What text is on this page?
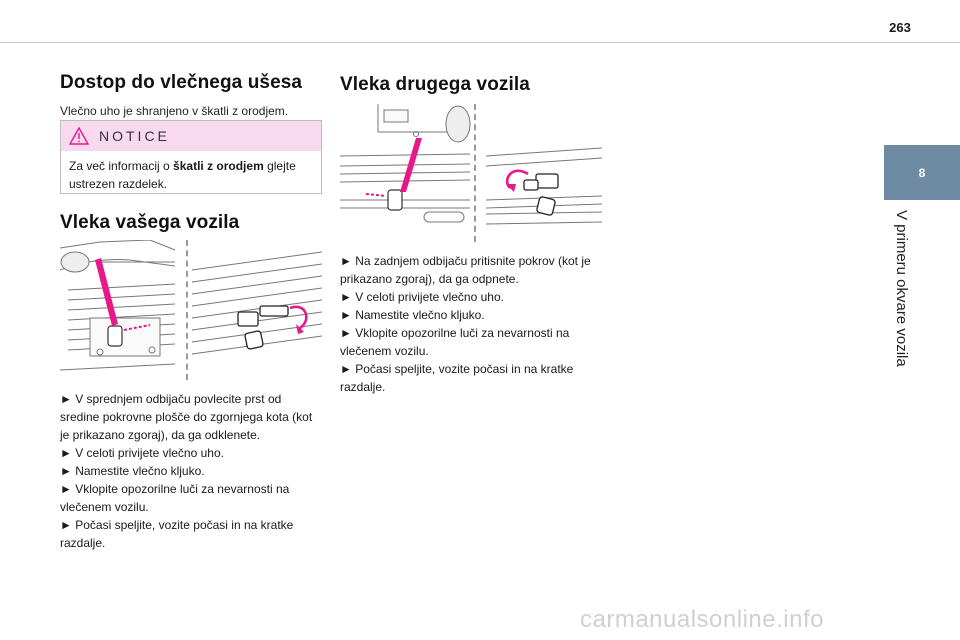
263
8
V primeru okvare vozila
Dostop do vlečnega ušesa

Vlečno uho je shranjeno v škatli z orodjem.

NOTICE
Za več informacij o škatli z orodjem glejte ustrezen razdelek.
Vleka vašega vozila

► V sprednjem odbijaču povlecite prst od sredine pokrovne plošče do zgornjega kota (kot je prikazano zgoraj), da ga odklenete.

► V celoti privijete vlečno uho.

► Namestite vlečno kljuko.

► Vklopite opozorilne luči za nevarnosti na vlečenem vozilu.

► Počasi speljite, vozite počasi in na kratke razdalje.

Vleka drugega vozila

► Na zadnjem odbijaču pritisnite pokrov (kot je prikazano zgoraj), da ga odpnete.

► V celoti privijete vlečno uho.

► Namestite vlečno kljuko.

► Vklopite opozorilne luči za nevarnosti na vlečenem vozilu.

► Počasi speljite, vozite počasi in na kratke razdalje.

carmanualsonline.info
